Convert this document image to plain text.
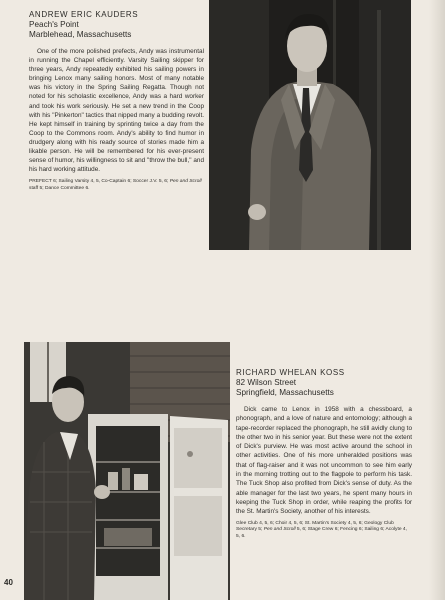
ANDREW ERIC KAUDERS

Peach's Point

Marblehead, Massachusetts

One of the more polished prefects, Andy was instrumental in running the Chapel efficiently. Varsity Sailing skipper for three years, Andy repeatedly exhibited his sailing powers in bringing Lenox many sailing honors. Most of many notable was his victory in the Spring Sailing Regatta. Though not noted for his scholastic excellence, Andy was a hard worker and took his work seriously. He set a new trend in the Coop with his "Pinkerton" tactics that nipped many a budding revolt. He kept himself in training by sprinting twice a day from the Coop to the Commons room. Andy's ability to find humor in drudgery along with his ready source of stories made him a likable person. He will be remembered for his ever-present sense of humor, his willingness to sit and "throw the bull," and his hard working attitude.

PREFECT 6; Sailing Varsity 4, 5, Co-Captain 6; Soccer J.V. 5, 6; Pen and Scroll staff 5; Dance Committee 6.

RICHARD WHELAN KOSS

82 Wilson Street

Springfield, Massachusetts

Dick came to Lenox in 1958 with a chessboard, a phonograph, and a love of nature and entomology; although a tape-recorder replaced the phonograph, he still avidly clung to the other two in his senior year. But these were not the extent of Dick's purview. He was most active around the school in other activities. One of his more unheralded positions was that of flag-raiser and it was not uncommon to see him early in the morning trotting out to the flagpole to perform his task. The Tuck Shop also profited from Dick's sense of duty. As the able manager for the last two years, he spent many hours in keeping the Tuck Shop in order, while reaping the profits for the St. Martin's Society, another of his interests.

Glee Club 4, 5, 6; Choir 4, 5, 6; St. Martin's Society 4, 5, 6; Geology Club Secretary 5; Pen and Scroll 5, 6; Stage Crew 6; Fencing 6; Sailing 6; Acolyte 4, 5, 6.

40
